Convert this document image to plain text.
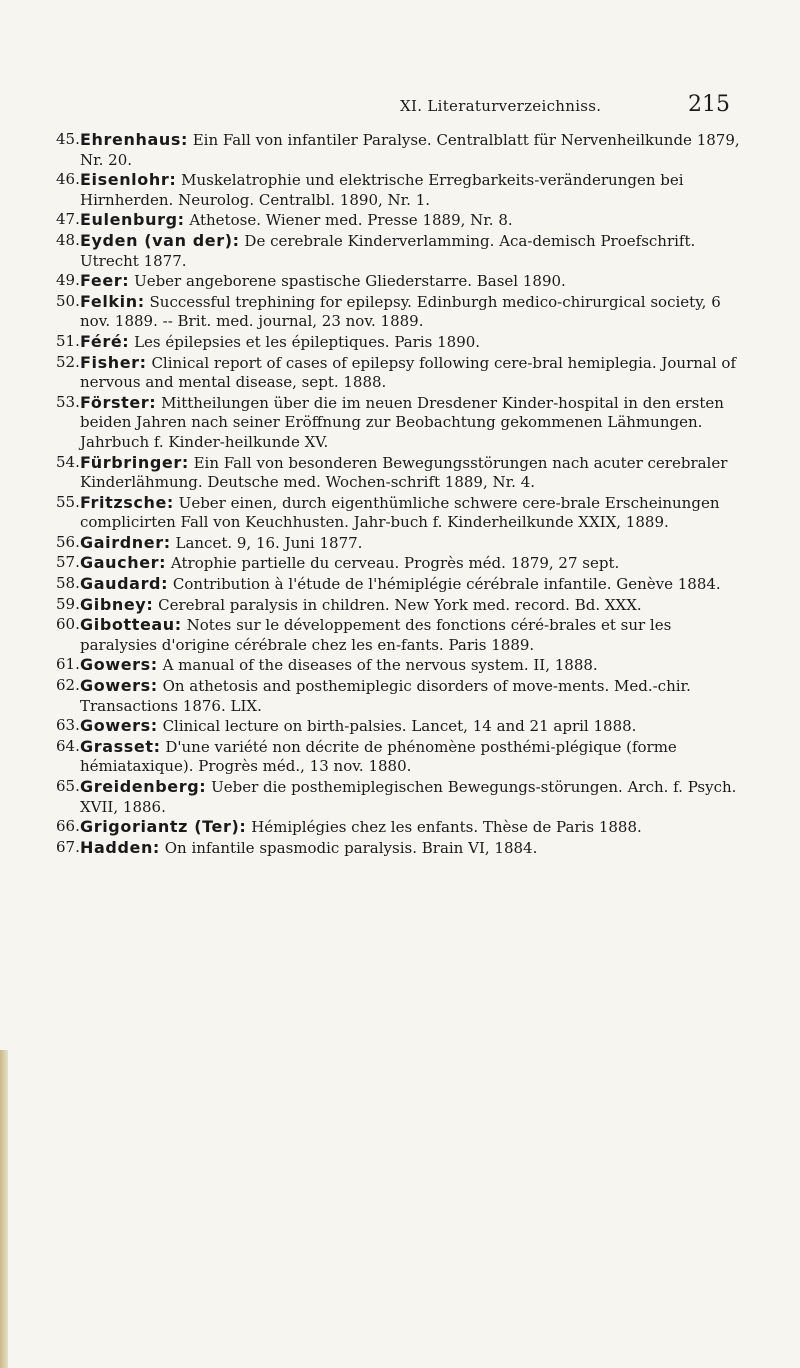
XI. Literaturverzeichniss.	215
45. Ehrenhaus: Ein Fall von infantiler Paralyse. Centralblatt für Nervenheilkunde 1879, Nr. 20.
46. Eisenlohr: Muskelatrophie und elektrische Erregbarkeits-veränderungen bei Hirnherden. Neurolog. Centralbl. 1890, Nr. 1.
47. Eulenburg: Athetose. Wiener med. Presse 1889, Nr. 8.
48. Eyden (van der): De cerebrale Kinderverlamming. Aca-demisch Proefschrift. Utrecht 1877.
49. Feer: Ueber angeborene spastische Gliederstarre. Basel 1890.
50. Felkin: Successful trephining for epilepsy. Edinburgh medico-chirurgical society, 6 nov. 1889. -- Brit. med. journal, 23 nov. 1889.
51. Féré: Les épilepsies et les épileptiques. Paris 1890.
52. Fisher: Clinical report of cases of epilepsy following cere-bral hemiplegia. Journal of nervous and mental disease, sept. 1888.
53. Förster: Mittheilungen über die im neuen Dresdener Kinder-hospital in den ersten beiden Jahren nach seiner Eröffnung zur Beobachtung gekommenen Lähmungen. Jahrbuch f. Kinder-heilkunde XV.
54. Fürbringer: Ein Fall von besonderen Bewegungsstörungen nach acuter cerebraler Kinderlähmung. Deutsche med. Wochen-schrift 1889, Nr. 4.
55. Fritzsche: Ueber einen, durch eigenthümliche schwere cere-brale Erscheinungen complicirten Fall von Keuchhusten. Jahr-buch f. Kinderheilkunde XXIX, 1889.
56. Gairdner: Lancet. 9, 16. Juni 1877.
57. Gaucher: Atrophie partielle du cerveau. Progrès méd. 1879, 27 sept.
58. Gaudard: Contribution à l'étude de l'hémiplégie cérébrale infantile. Genève 1884.
59. Gibney: Cerebral paralysis in children. New York med. record. Bd. XXX.
60. Gibotteau: Notes sur le développement des fonctions céré-brales et sur les paralysies d'origine cérébrale chez les en-fants. Paris 1889.
61. Gowers: A manual of the diseases of the nervous system. II, 1888.
62. Gowers: On athetosis and posthemiplegic disorders of move-ments. Med.-chir. Transactions 1876. LIX.
63. Gowers: Clinical lecture on birth-palsies. Lancet, 14 and 21 april 1888.
64. Grasset: D'une variété non décrite de phénomène posthémi-plégique (forme hémiataxique). Progrès méd., 13 nov. 1880.
65. Greidenberg: Ueber die posthemiplegischen Bewegungs-störungen. Arch. f. Psych. XVII, 1886.
66. Grigoriantz (Ter): Hémiplégies chez les enfants. Thèse de Paris 1888.
67. Hadden: On infantile spasmodic paralysis. Brain VI, 1884.
